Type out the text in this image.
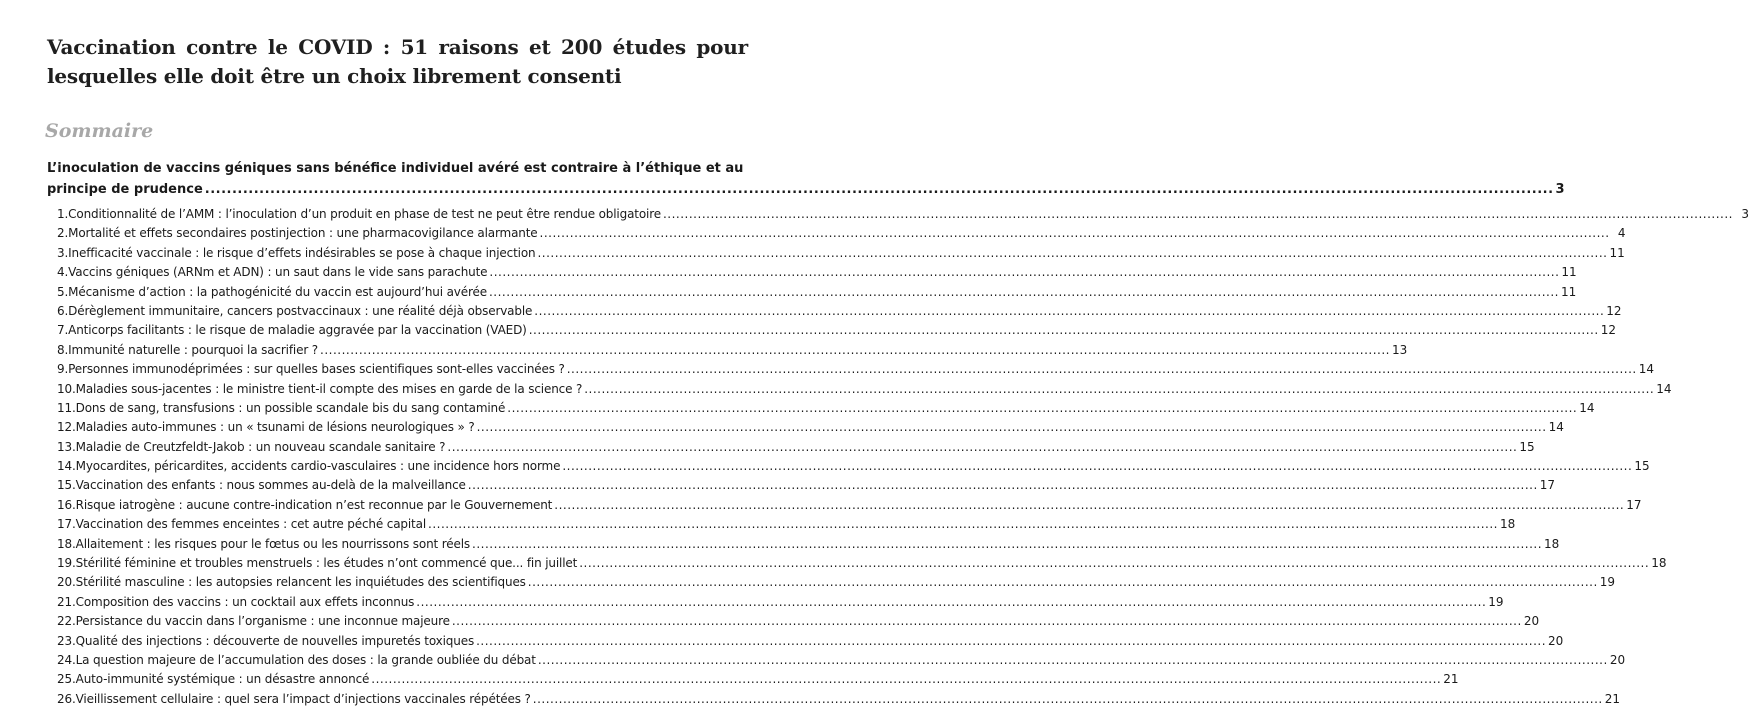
Vaccination contre le COVID : 51 raisons et 200 études pour lesquelles elle doit être un choix librement consenti
Sommaire
L’inoculation de vaccins géniques sans bénéfice individuel avéré est contraire à l’éthique et au
principe de prudence .....	3
1.Conditionnalité de l’AMM : l’inoculation d’un produit en phase de test ne peut être rendue obligatoire .....	3
2.Mortalité et effets secondaires postinjection : une pharmacovigilance alarmante .....	4
3.Inefficacité vaccinale : le risque d’effets indésirables se pose à chaque injection .....	11
4.Vaccins géniques (ARNm et ADN) : un saut dans le vide sans parachute .....	11
5.Mécanisme d’action : la pathogénicité du vaccin est aujourd’hui avérée .....	11
6.Dérèglement immunitaire, cancers postvaccinaux : une réalité déjà observable .....	12
7.Anticorps facilitants : le risque de maladie aggravée par la vaccination (VAED) .....	12
8.Immunité naturelle : pourquoi la sacrifier ? .....	13
9.Personnes immunodéprimées : sur quelles bases scientifiques sont-elles vaccinées ? .....	14
10.Maladies sous-jacentes : le ministre tient-il compte des mises en garde de la science ? .....	14
11.Dons de sang, transfusions : un possible scandale bis du sang contaminé .....	14
12.Maladies auto-immunes : un « tsunami de lésions neurologiques » ? .....	14
13.Maladie de Creutzfeldt-Jakob : un nouveau scandale sanitaire ? .....	15
14.Myocardites, péricardites, accidents cardio-vasculaires : une incidence hors norme .....	15
15.Vaccination des enfants : nous sommes au-delà de la malveillance .....	17
16.Risque iatrogène : aucune contre-indication n’est reconnue par le Gouvernement .....	17
17.Vaccination des femmes enceintes : cet autre péché capital .....	18
18.Allaitement : les risques pour le fœtus ou les nourrissons sont réels .....	18
19.Stérilité féminine et troubles menstruels : les études n’ont commencé que... fin juillet .....	18
20.Stérilité masculine : les autopsies relancent les inquiétudes des scientifiques .....	19
21.Composition des vaccins : un cocktail aux effets inconnus .....	19
22.Persistance du vaccin dans l’organisme : une inconnue majeure .....	20
23.Qualité des injections : découverte de nouvelles impuretés toxiques .....	20
24.La question majeure de l’accumulation des doses : la grande oubliée du débat .....	20
25.Auto-immunité systémique : un désastre annoncé .....	21
26.Vieillissement cellulaire : quel sera l’impact d’injections vaccinales répétées ? .....	21
